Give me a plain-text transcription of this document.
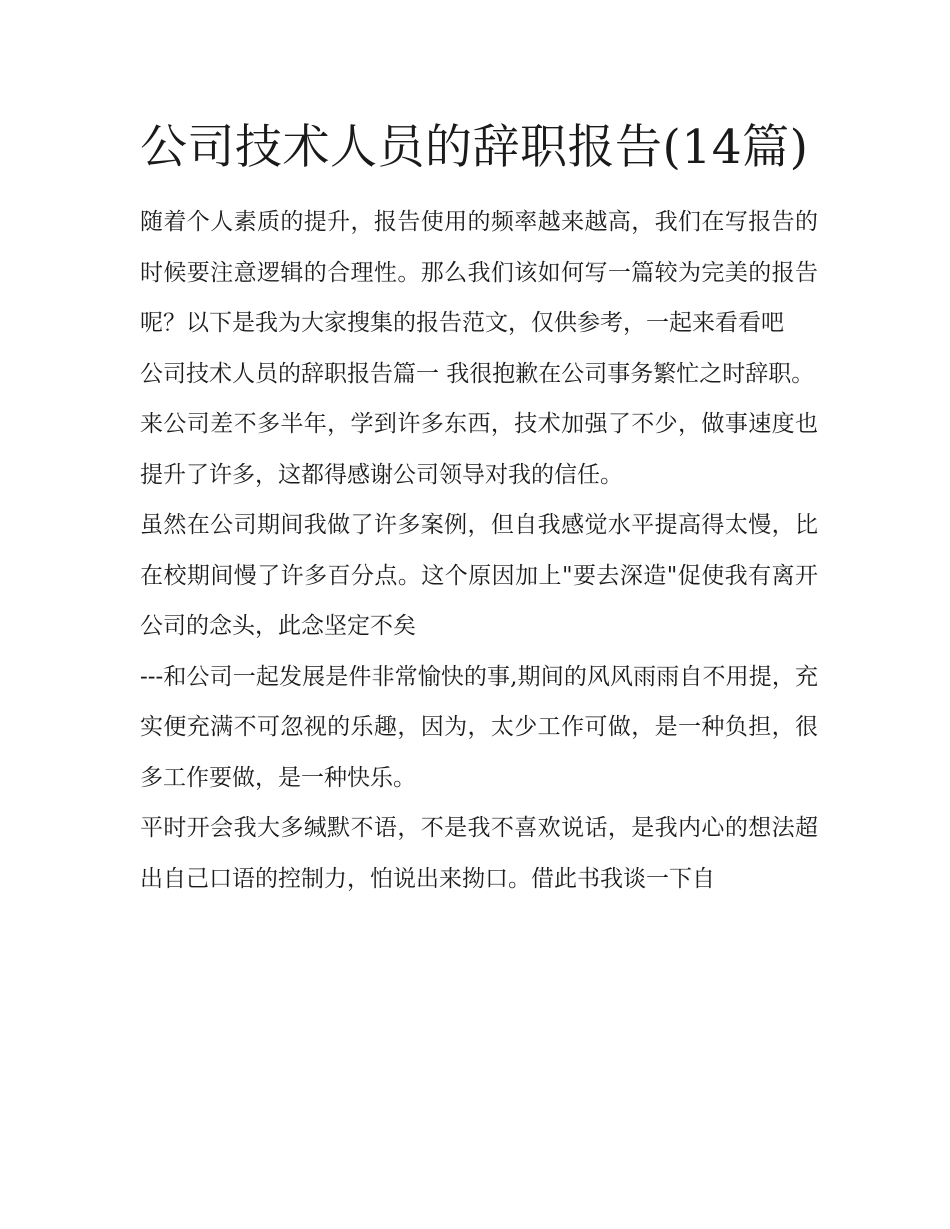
公司技术人员的辞职报告(14篇)

随着个人素质的提升，报告使用的频率越来越高，我们在写报告的时候要注意逻辑的合理性。那么我们该如何写一篇较为完美的报告呢？以下是我为大家搜集的报告范文，仅供参考，一起来看看吧

公司技术人员的辞职报告篇一 我很抱歉在公司事务繁忙之时辞职。

来公司差不多半年，学到许多东西，技术加强了不少，做事速度也提升了许多，这都得感谢公司领导对我的信任。

虽然在公司期间我做了许多案例，但自我感觉水平提高得太慢，比在校期间慢了许多百分点。这个原因加上"要去深造"促使我有离开公司的念头，此念坚定不矣

---和公司一起发展是件非常愉快的事,期间的风风雨雨自不用提，充实便充满不可忽视的乐趣，因为，太少工作可做，是一种负担，很多工作要做，是一种快乐。

平时开会我大多缄默不语，不是我不喜欢说话，是我内心的想法超出自己口语的控制力，怕说出来拗口。借此书我谈一下自
